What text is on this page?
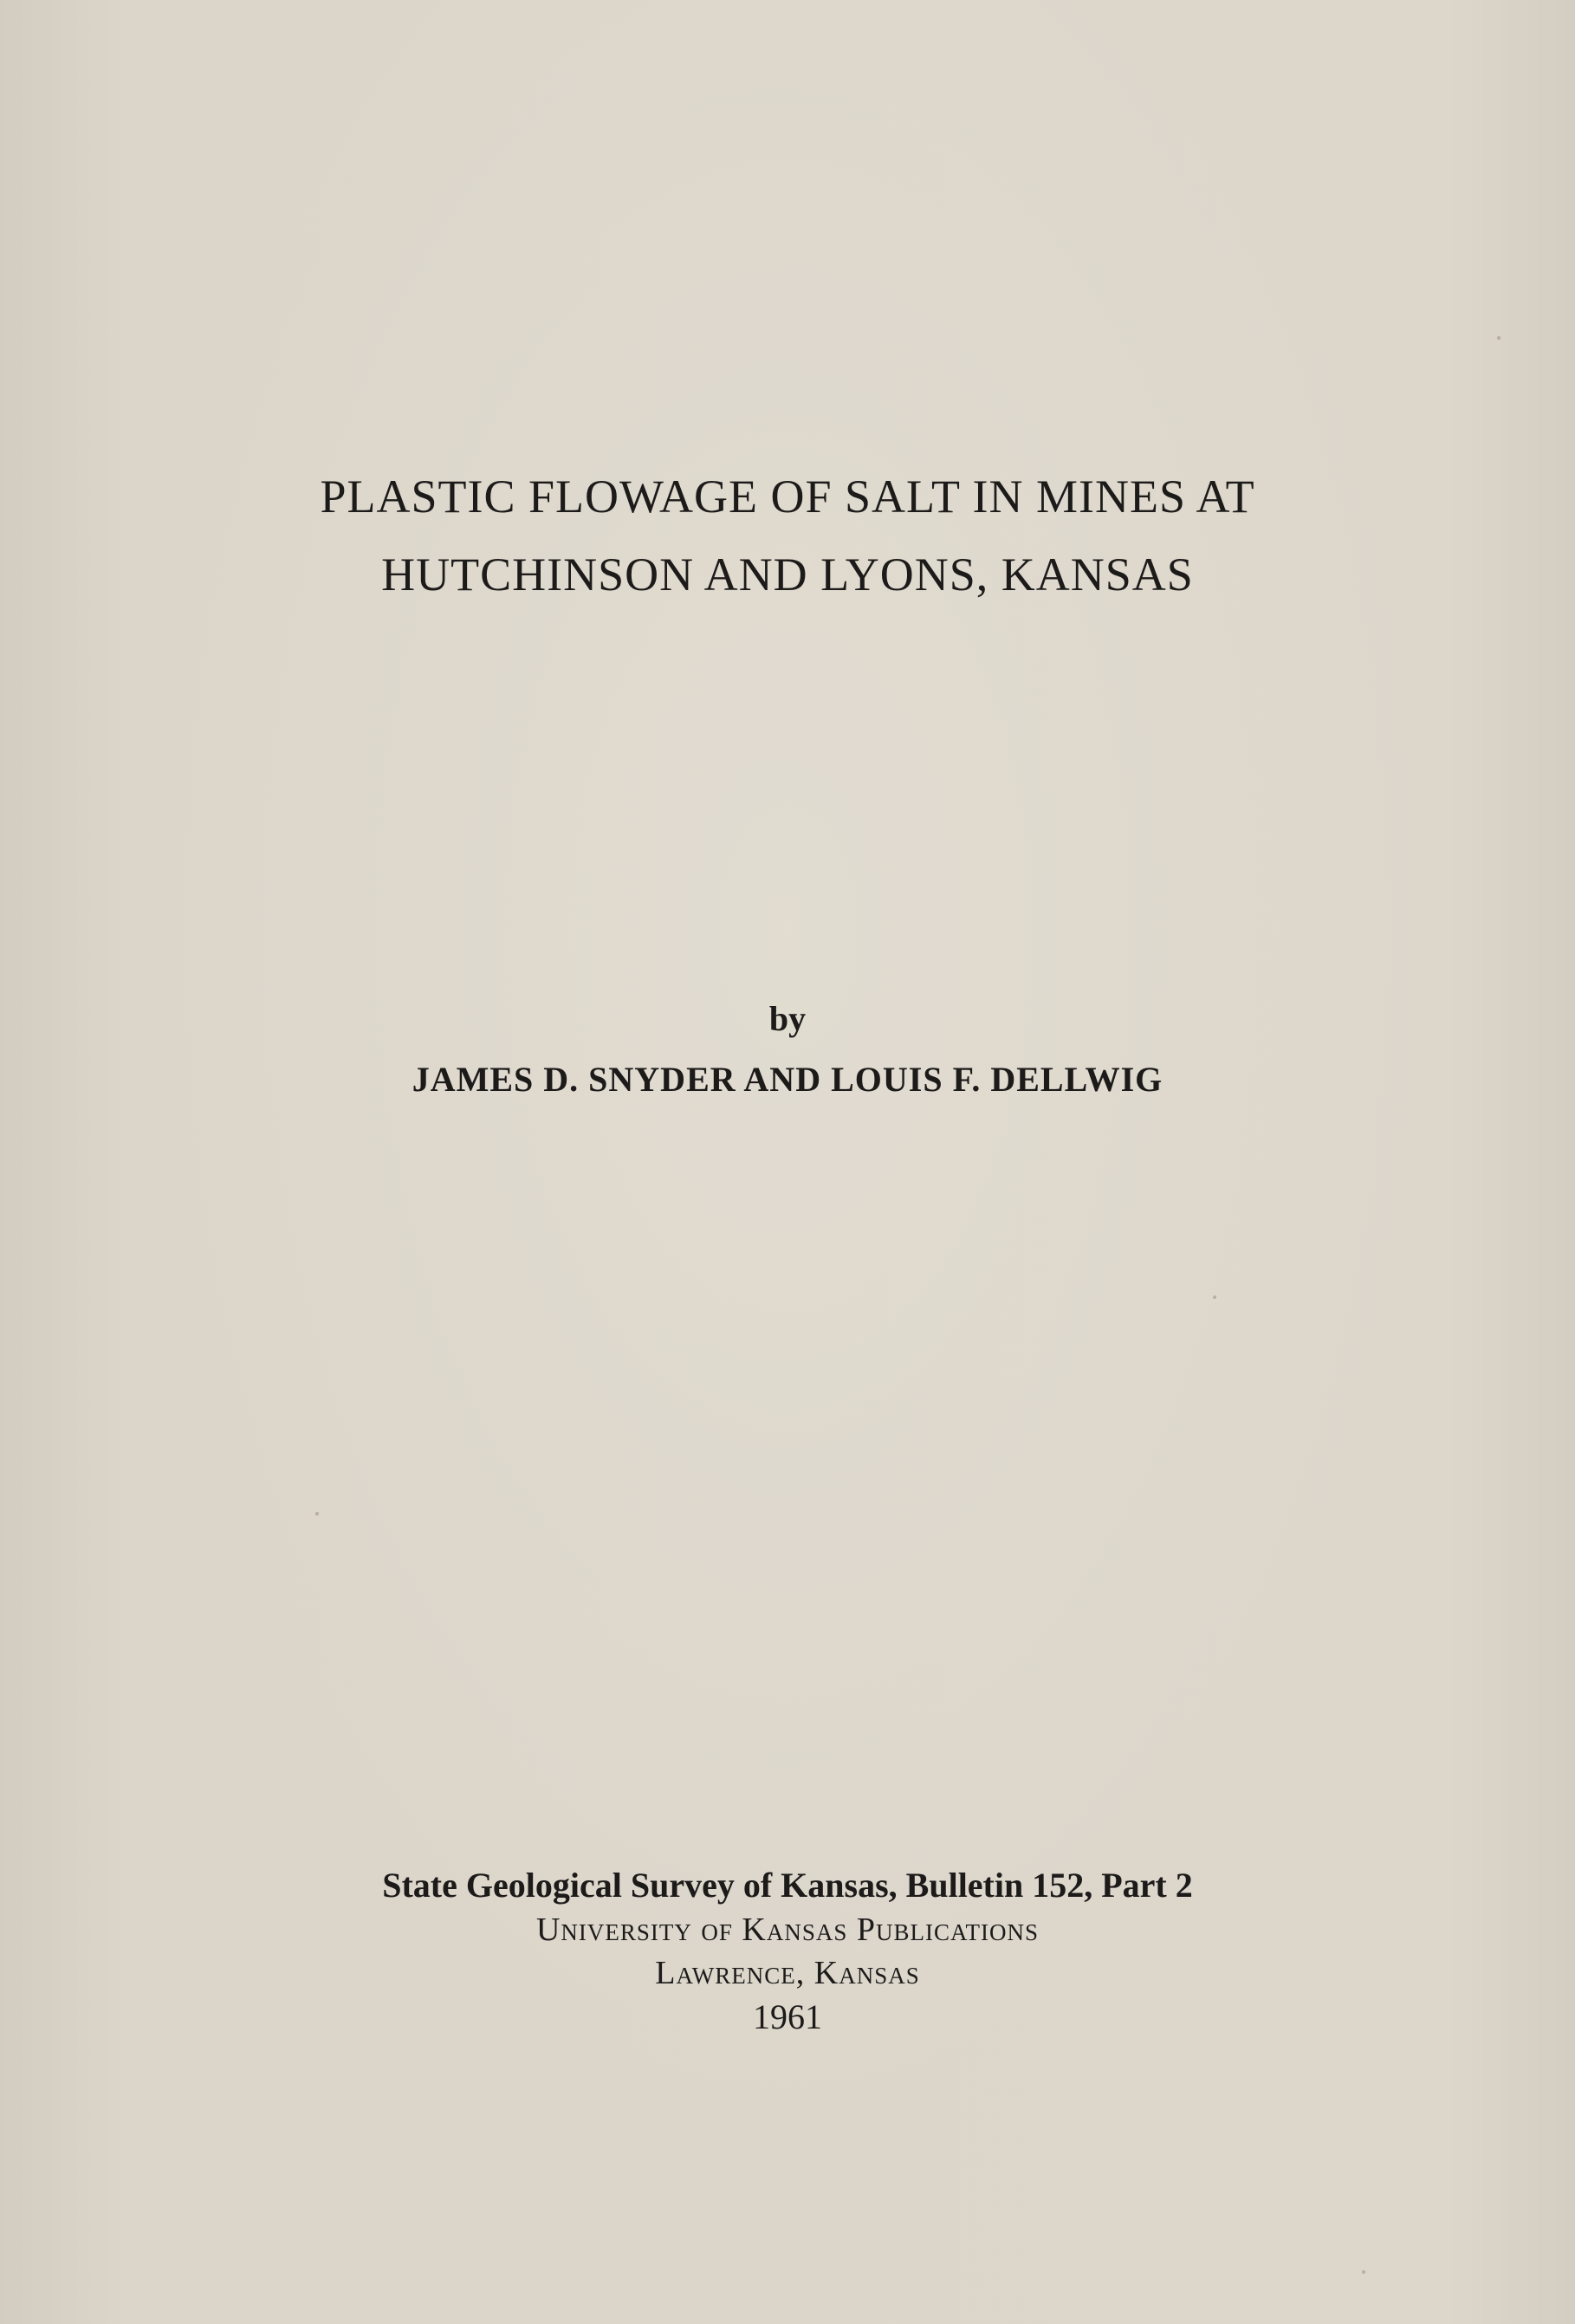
PLASTIC FLOWAGE OF SALT IN MINES AT
HUTCHINSON AND LYONS, KANSAS
by
JAMES D. SNYDER AND LOUIS F. DELLWIG
State Geological Survey of Kansas, Bulletin 152, Part 2
University of Kansas Publications
Lawrence, Kansas
1961
